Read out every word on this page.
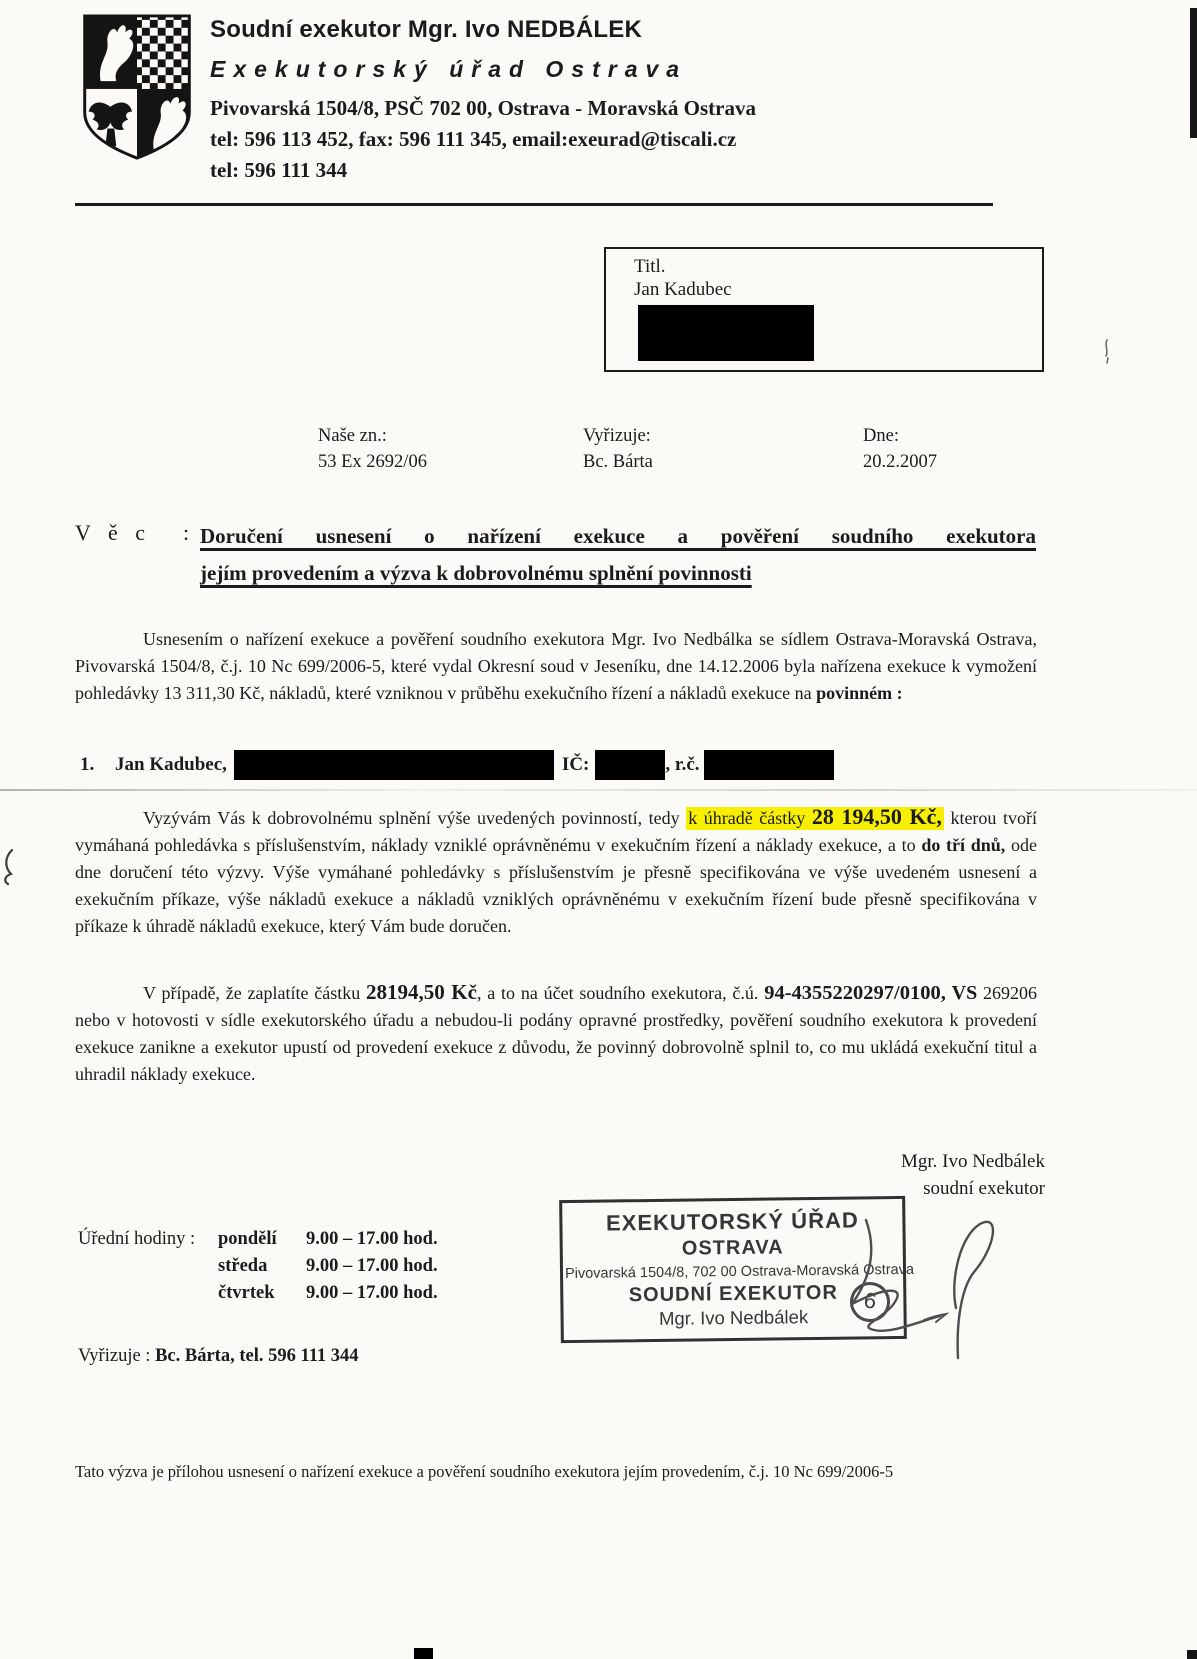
Soudní exekutor Mgr. Ivo NEDBÁLEK
Exekutorský úřad Ostrava
Pivovarská 1504/8, PSČ 702 00, Ostrava - Moravská Ostrava
tel: 596 113 452, fax: 596 111 345, email:exeurad@tiscali.cz
tel: 596 111 344
Titl.
Jan Kadubec
Naše zn.:
53 Ex 2692/06
Vyřizuje:
Bc. Bárta
Dne:
20.2.2007
V ě c : Doručení usnesení o nařízení exekuce a pověření soudního exekutora
jejím provedením a výzva k dobrovolnému splnění povinnosti
Usnesením o nařízení exekuce a pověření soudního exekutora Mgr. Ivo Nedbálka se sídlem Ostrava-Moravská Ostrava, Pivovarská 1504/8, č.j. 10 Nc 699/2006-5, které vydal Okresní soud v Jeseníku, dne 14.12.2006 byla nařízena exekuce k vymožení pohledávky 13 311,30 Kč, nákladů, které vzniknou v průběhu exekučního řízení a nákladů exekuce na povinném :
1.	Jan Kadubec,	IČ:	, r.č.
Vyzývám Vás k dobrovolnému splnění výše uvedených povinností, tedy k úhradě částky 28 194,50 Kč, kterou tvoří vymáhaná pohledávka s příslušenstvím, náklady vzniklé oprávněnému v exekučním řízení a náklady exekuce, a to do tří dnů, ode dne doručení této výzvy. Výše vymáhané pohledávky s příslušenstvím je přesně specifikována ve výše uvedeném usnesení a exekučním příkaze, výše nákladů exekuce a nákladů vzniklých oprávněnému v exekučním řízení bude přesně specifikována v příkaze k úhradě nákladů exekuce, který Vám bude doručen.
V případě, že zaplatíte částku 28194,50 Kč, a to na účet soudního exekutora, č.ú. 94-4355220297/0100, VS 269206 nebo v hotovosti v sídle exekutorského úřadu a nebudou-li podány opravné prostředky, pověření soudního exekutora k provedení exekuce zanikne a exekutor upustí od provedení exekuce z důvodu, že povinný dobrovolně splnil to, co mu ukládá exekuční titul a uhradil náklady exekuce.
Mgr. Ivo Nedbálek
soudní exekutor
Úřední hodiny :	pondělí 9.00 – 17.00 hod.
středa 9.00 – 17.00 hod.
čtvrtek 9.00 – 17.00 hod.
EXEKUTORSKÝ ÚŘAD
OSTRAVA
Pivovarská 1504/8, 702 00 Ostrava-Moravská Ostrava
SOUDNÍ EXEKUTOR
Mgr. Ivo Nedbálek
6
Vyřizuje : Bc. Bárta, tel. 596 111 344
Tato výzva je přílohou usnesení o nařízení exekuce a pověření soudního exekutora jejím provedením, č.j. 10 Nc 699/2006-5
